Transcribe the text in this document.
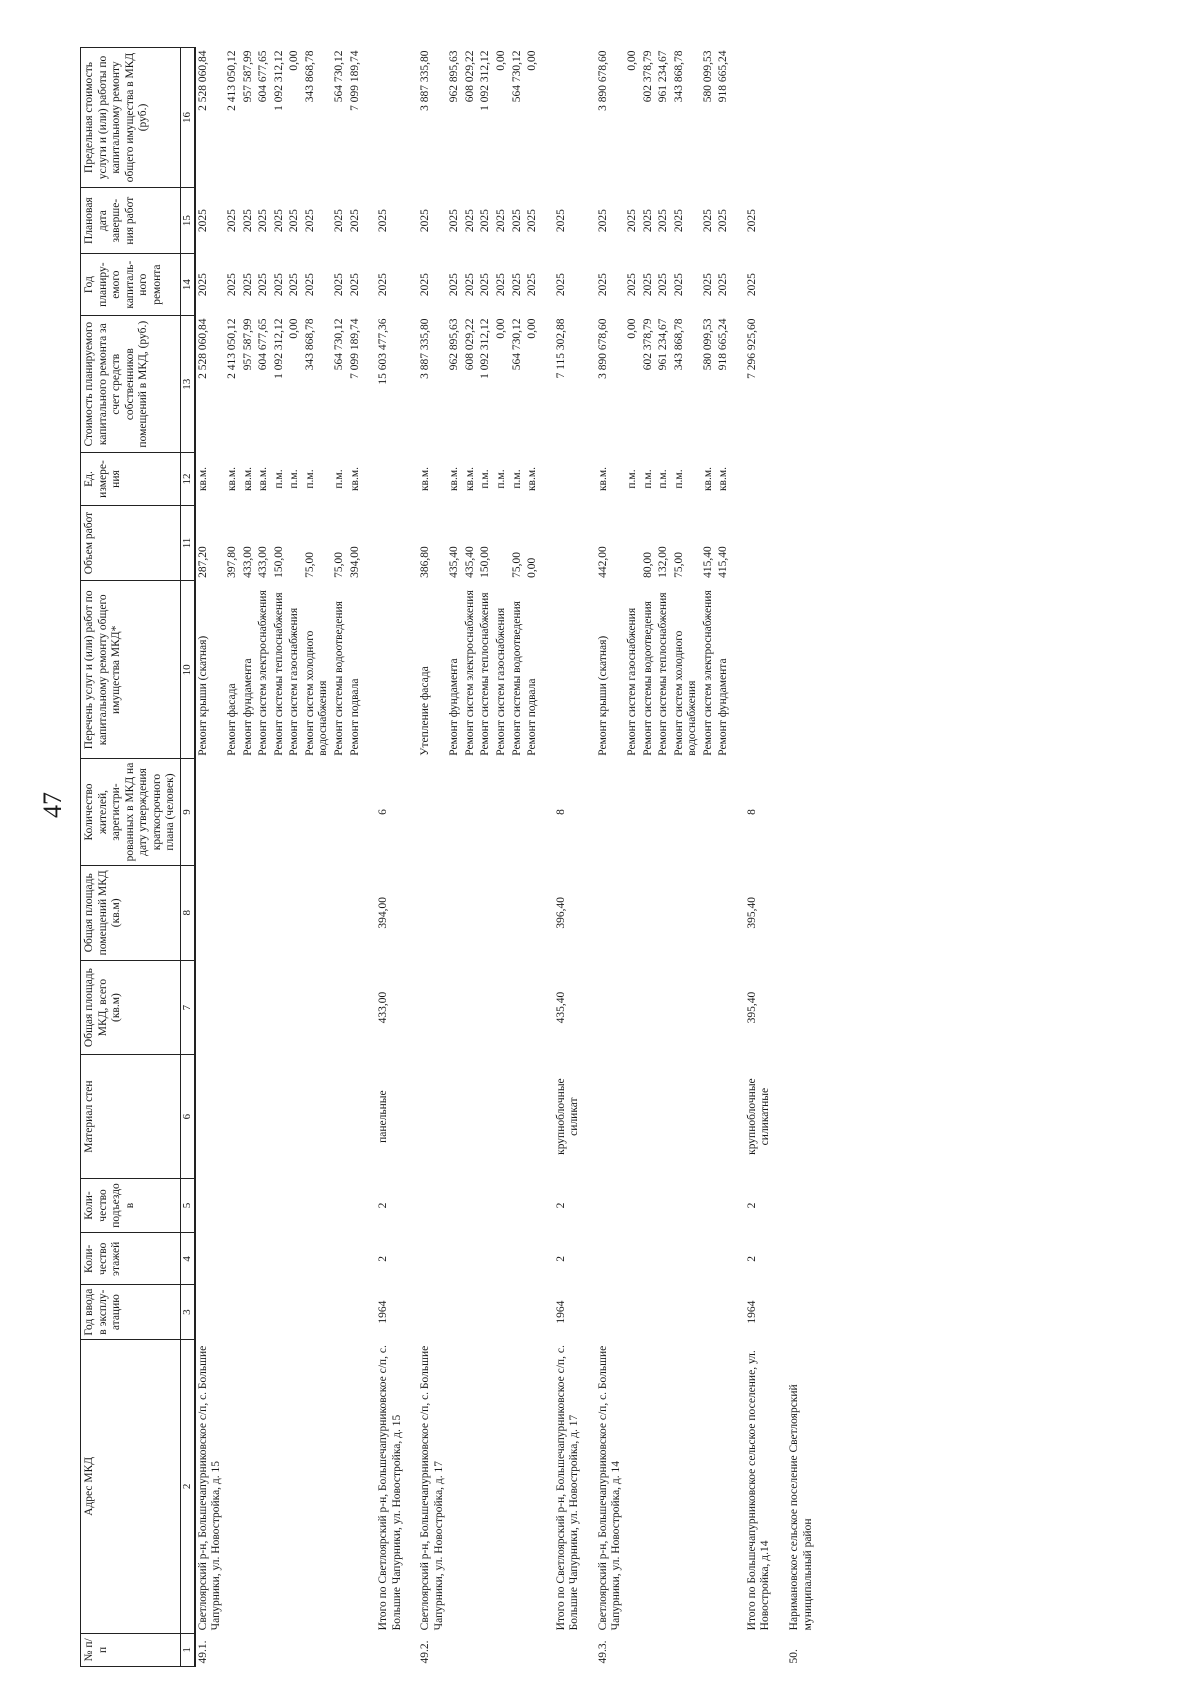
47
№ п/п	Адрес МКД	Год ввода в эксплу-атацию	Коли-чество этажей	Коли-чество подъездо в	Материал стен	Общая площадь МКД, всего (кв.м)	Общая площадь помещений МКД (кв.м)	Количество жителей, зарегистри-рованных в МКД на дату утверждения краткосрочного плана (человек)	Перечень услуг и (или) работ по капитальному ремонту общего имущества МКД*	Объем работ	Ед. измере-ния	Стоимость планируемого капитального ремонта за счет средств собственников помещений в МКД, (руб.)	Год планиру-емого капиталь-ного ремонта	Плановая дата заверше-ния работ	Предельная стоимость услуги и (или) работы по капитальному ремонту общего имущества в МКД (руб.)
1	2	3	4	5	6	7	8	9	10	11	12	13	14	15	16
49.1.	Светлоярский р-н, Большечапурниковское с/п, с. Большие Чапурники, ул. Новостройка, д. 15								Ремонт крыши (скатная)	287,20	кв.м.	2 528 060,84	2025	2025	2 528 060,84
									Ремонт фасада	397,80	кв.м.	2 413 050,12	2025	2025	2 413 050,12
									Ремонт фундамента	433,00	кв.м.	957 587,99	2025	2025	957 587,99
									Ремонт систем электроснабжения	433,00	кв.м.	604 677,65	2025	2025	604 677,65
									Ремонт системы теплоснабжения	150,00	п.м.	1 092 312,12	2025	2025	1 092 312,12
									Ремонт систем газоснабжения		п.м.	0,00	2025	2025	0,00
									Ремонт систем холодного водоснабжения	75,00	п.м.	343 868,78	2025	2025	343 868,78
									Ремонт системы водоотведения	75,00	п.м.	564 730,12	2025	2025	564 730,12
									Ремонт подвала	394,00	кв.м.	7 099 189,74	2025	2025	7 099 189,74
	Итого по Светлоярский р-н, Большечапурниковское с/п, с. Большие Чапурники, ул. Новостройка, д. 15	1964	2	2	панельные	433,00	394,00	6				15 603 477,36	2025	2025	
49.2.	Светлоярский р-н, Большечапурниковское с/п, с. Большие Чапурники, ул. Новостройка, д. 17								Утепление фасада	386,80	кв.м.	3 887 335,80	2025	2025	3 887 335,80
									Ремонт фундамента	435,40	кв.м.	962 895,63	2025	2025	962 895,63
									Ремонт систем электроснабжения	435,40	кв.м.	608 029,22	2025	2025	608 029,22
									Ремонт системы теплоснабжения	150,00	п.м.	1 092 312,12	2025	2025	1 092 312,12
									Ремонт систем газоснабжения		п.м.	0,00	2025	2025	0,00
									Ремонт системы водоотведения	75,00	п.м.	564 730,12	2025	2025	564 730,12
									Ремонт подвала	0,00	кв.м.	0,00	2025	2025	0,00
	Итого по Светлоярский р-н, Большечапурниковское с/п, с. Большие Чапурники, ул. Новостройка, д. 17	1964	2	2	крупноблочные силикат	435,40	396,40	8				7 115 302,88	2025	2025	
49.3.	Светлоярский р-н, Большечапурниковское с/п, с. Большие Чапурники, ул. Новостройка, д. 14								Ремонт крыши (скатная)	442,00	кв.м.	3 890 678,60	2025	2025	3 890 678,60
									Ремонт систем газоснабжения		п.м.	0,00	2025	2025	0,00
									Ремонт системы водоотведения	80,00	п.м.	602 378,79	2025	2025	602 378,79
									Ремонт системы теплоснабжения	132,00	п.м.	961 234,67	2025	2025	961 234,67
									Ремонт систем холодного водоснабжения	75,00	п.м.	343 868,78	2025	2025	343 868,78
									Ремонт систем электроснабжения	415,40	кв.м.	580 099,53	2025	2025	580 099,53
									Ремонт фундамента	415,40	кв.м.	918 665,24	2025	2025	918 665,24
	Итого по Большечапурниковское сельское поселение, ул. Новостройка, д.14	1964	2	2	крупноблочные силикатные	395,40	395,40	8				7 296 925,60	2025	2025	
50.	Наримановское сельское поселение Светлоярский муниципальный район														
